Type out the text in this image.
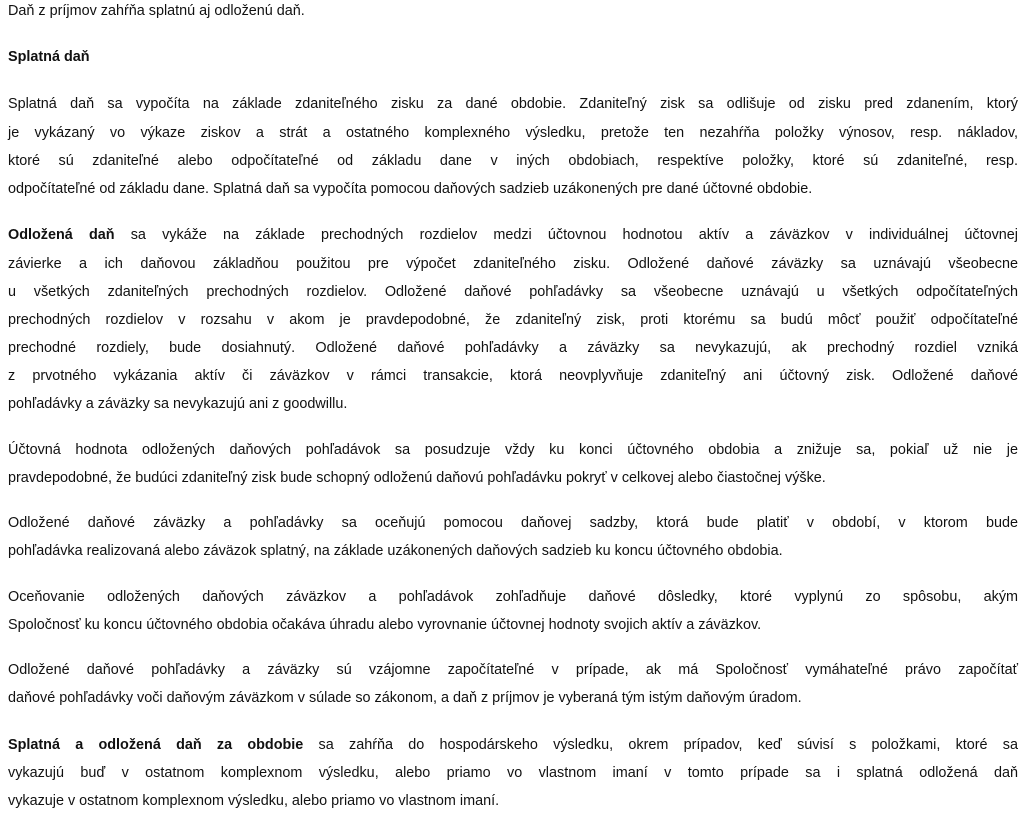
Daň z príjmov zahŕňa splatnú aj odloženú daň.
Splatná daň
Splatná daň sa vypočíta na základe zdaniteľného zisku za dané obdobie. Zdaniteľný zisk sa odlišuje od zisku pred zdanením, ktorý
je vykázaný vo výkaze ziskov a strát a ostatného komplexného výsledku, pretože ten nezahŕňa položky výnosov, resp. nákladov,
ktoré sú zdaniteľné alebo odpočítateľné od základu dane v iných obdobiach, respektíve položky, ktoré sú zdaniteľné, resp.
odpočítateľné od základu dane. Splatná daň sa vypočíta pomocou daňových sadzieb uzákonených pre dané účtovné obdobie.
Odložená daň sa vykáže na základe prechodných rozdielov medzi účtovnou hodnotou aktív a záväzkov v individuálnej účtovnej
závierke a ich daňovou základňou použitou pre výpočet zdaniteľného zisku. Odložené daňové záväzky sa uznávajú všeobecne
u všetkých zdaniteľných prechodných rozdielov. Odložené daňové pohľadávky sa všeobecne uznávajú u všetkých odpočítateľných
prechodných rozdielov v rozsahu v akom je pravdepodobné, že zdaniteľný zisk, proti ktorému sa budú môcť použiť odpočítateľné
prechodné rozdiely, bude dosiahnutý. Odložené daňové pohľadávky a záväzky sa nevykazujú, ak prechodný rozdiel vzniká
z prvotného vykázania aktív či záväzkov v rámci transakcie, ktorá neovplyvňuje zdaniteľný ani účtovný zisk. Odložené daňové
pohľadávky a záväzky sa nevykazujú ani z goodwillu.
Účtovná hodnota odložených daňových pohľadávok sa posudzuje vždy ku konci účtovného obdobia a znižuje sa, pokiaľ už nie je
pravdepodobné, že budúci zdaniteľný zisk bude schopný odloženú daňovú pohľadávku pokryť v celkovej alebo čiastočnej výške.
Odložené daňové záväzky a pohľadávky sa oceňujú pomocou daňovej sadzby, ktorá bude platiť v období, v ktorom bude
pohľadávka realizovaná alebo záväzok splatný, na základe uzákonených daňových sadzieb ku koncu účtovného obdobia.
Oceňovanie odložených daňových záväzkov a pohľadávok zohľadňuje daňové dôsledky, ktoré vyplynú zo spôsobu, akým
Spoločnosť ku koncu účtovného obdobia očakáva úhradu alebo vyrovnanie účtovnej hodnoty svojich aktív a záväzkov.
Odložené daňové pohľadávky a záväzky sú vzájomne započítateľné v prípade, ak má Spoločnosť vymáhateľné právo započítať
daňové pohľadávky voči daňovým záväzkom v súlade so zákonom, a daň z príjmov je vyberaná tým istým daňovým úradom.
Splatná a odložená daň za obdobie sa zahŕňa do hospodárskeho výsledku, okrem prípadov, keď súvisí s položkami, ktoré sa
vykazujú buď v ostatnom komplexnom výsledku, alebo priamo vo vlastnom imaní v tomto prípade sa i splatná odložená daň
vykazuje v ostatnom komplexnom výsledku, alebo priamo vo vlastnom imaní.
